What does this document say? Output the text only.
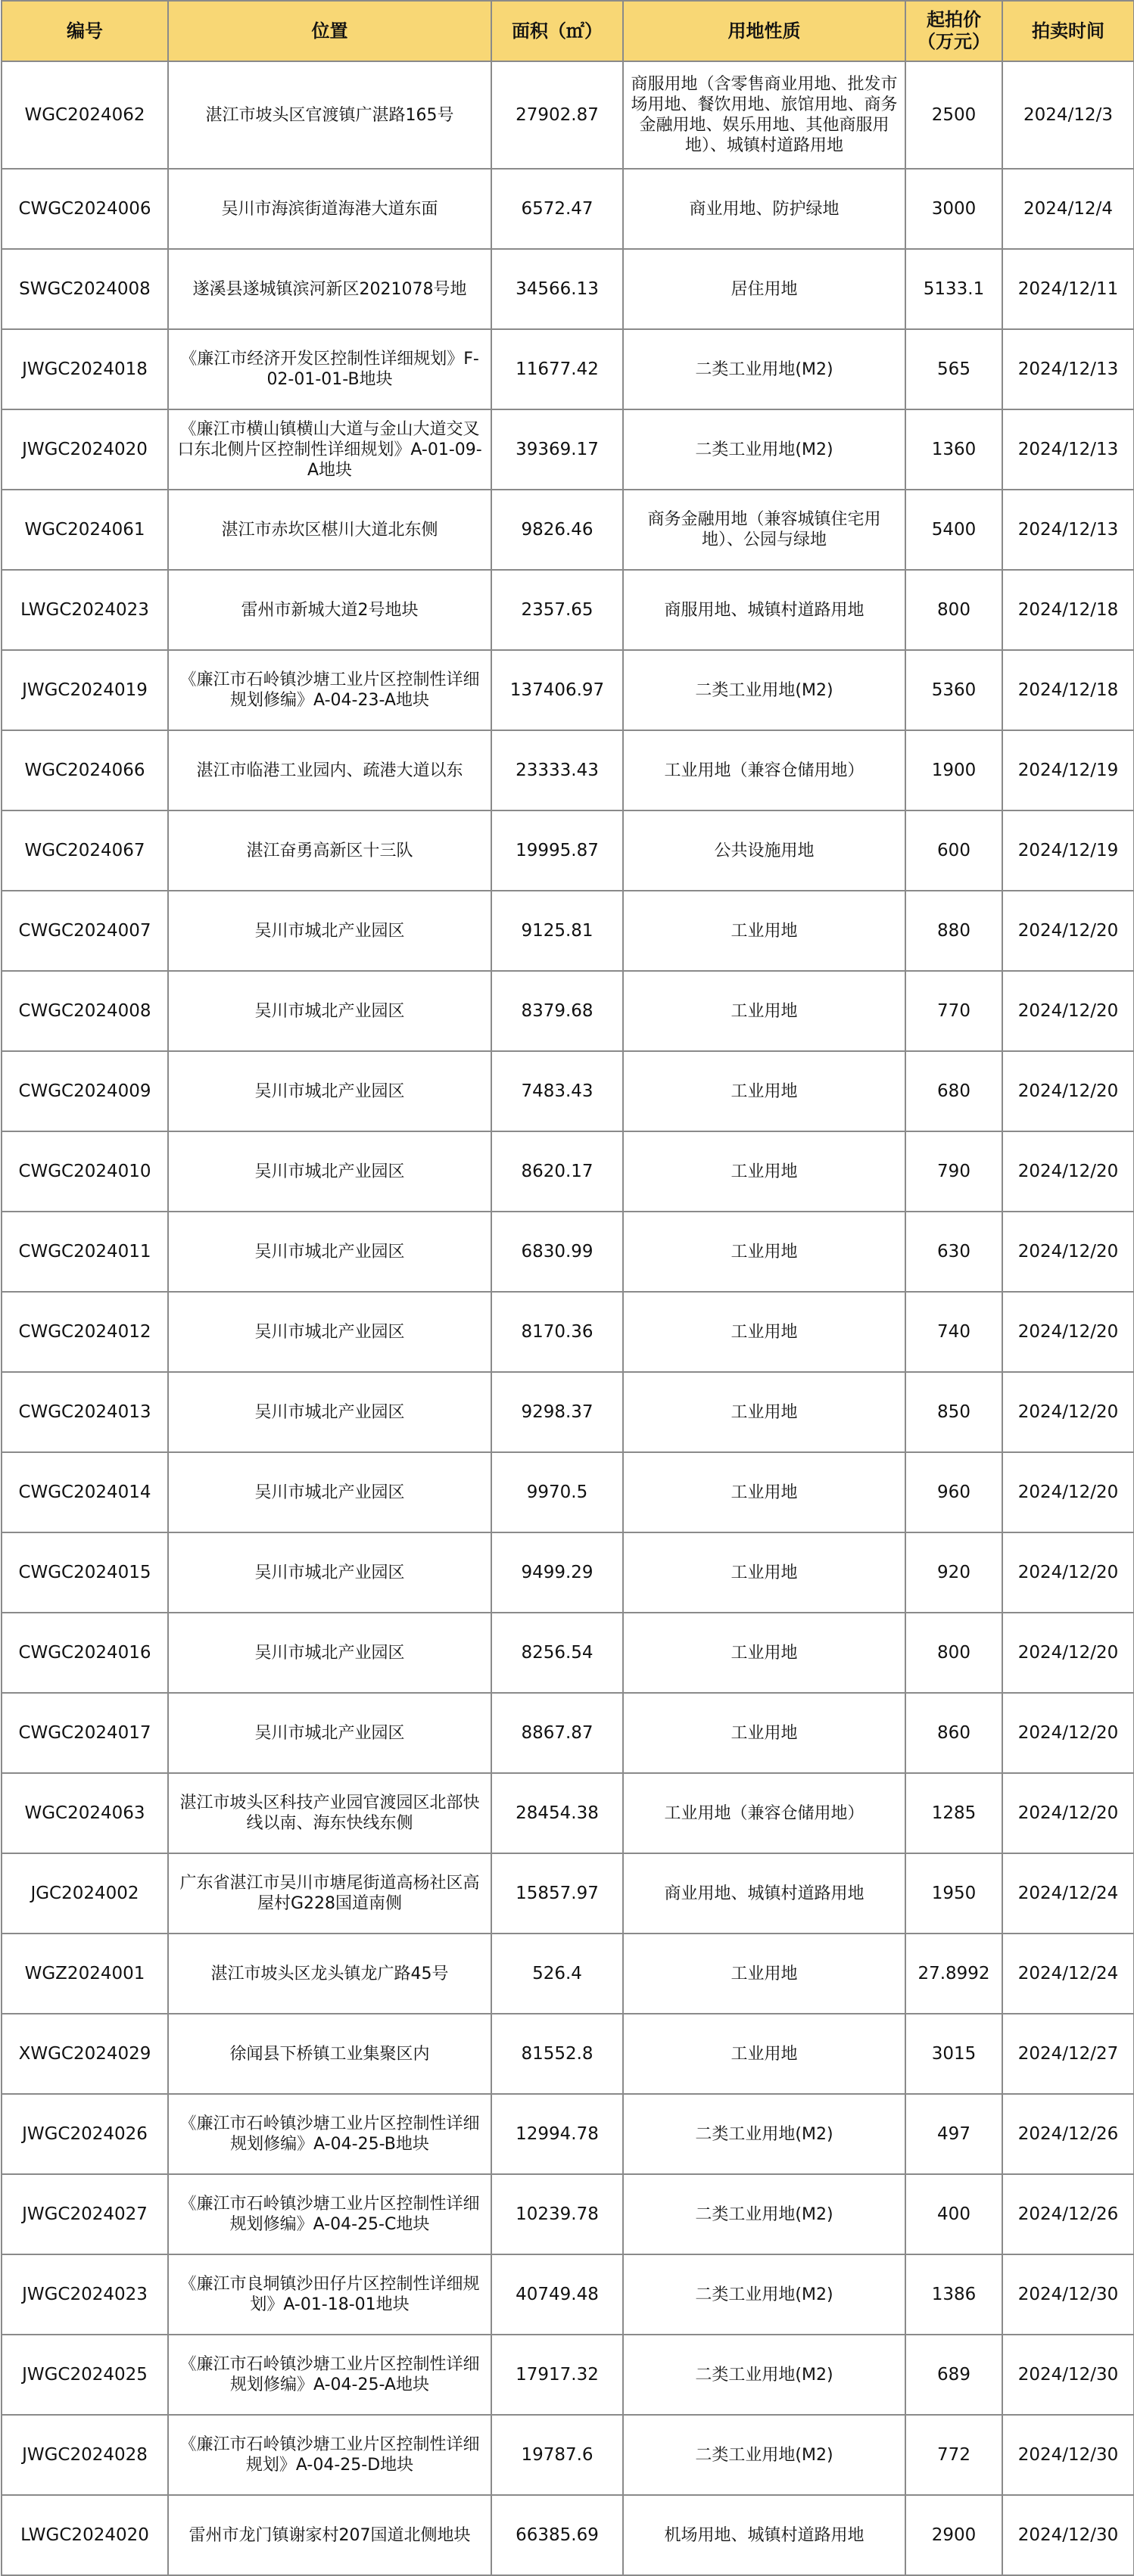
编号	位置	面积（㎡）	用地性质	起拍价（万元）	拍卖时间
WGC2024062	湛江市坡头区官渡镇广湛路165号	27902.87	商服用地（含零售商业用地、批发市场用地、餐饮用地、旅馆用地、商务金融用地、娱乐用地、其他商服用地）、城镇村道路用地	2500	2024/12/3
CWGC2024006	吴川市海滨街道海港大道东面	6572.47	商业用地、防护绿地	3000	2024/12/4
SWGC2024008	遂溪县遂城镇滨河新区2021078号地	34566.13	居住用地	5133.1	2024/12/11
JWGC2024018	《廉江市经济开发区控制性详细规划》F-02-01-01-B地块	11677.42	二类工业用地(M2)	565	2024/12/13
JWGC2024020	《廉江市横山镇横山大道与金山大道交叉口东北侧片区控制性详细规划》A-01-09-A地块	39369.17	二类工业用地(M2)	1360	2024/12/13
WGC2024061	湛江市赤坎区椹川大道北东侧	9826.46	商务金融用地（兼容城镇住宅用地）、公园与绿地	5400	2024/12/13
LWGC2024023	雷州市新城大道2号地块	2357.65	商服用地、城镇村道路用地	800	2024/12/18
JWGC2024019	《廉江市石岭镇沙塘工业片区控制性详细规划修编》A-04-23-A地块	137406.97	二类工业用地(M2)	5360	2024/12/18
WGC2024066	湛江市临港工业园内、疏港大道以东	23333.43	工业用地（兼容仓储用地）	1900	2024/12/19
WGC2024067	湛江奋勇高新区十三队	19995.87	公共设施用地	600	2024/12/19
CWGC2024007	吴川市城北产业园区	9125.81	工业用地	880	2024/12/20
CWGC2024008	吴川市城北产业园区	8379.68	工业用地	770	2024/12/20
CWGC2024009	吴川市城北产业园区	7483.43	工业用地	680	2024/12/20
CWGC2024010	吴川市城北产业园区	8620.17	工业用地	790	2024/12/20
CWGC2024011	吴川市城北产业园区	6830.99	工业用地	630	2024/12/20
CWGC2024012	吴川市城北产业园区	8170.36	工业用地	740	2024/12/20
CWGC2024013	吴川市城北产业园区	9298.37	工业用地	850	2024/12/20
CWGC2024014	吴川市城北产业园区	9970.5	工业用地	960	2024/12/20
CWGC2024015	吴川市城北产业园区	9499.29	工业用地	920	2024/12/20
CWGC2024016	吴川市城北产业园区	8256.54	工业用地	800	2024/12/20
CWGC2024017	吴川市城北产业园区	8867.87	工业用地	860	2024/12/20
WGC2024063	湛江市坡头区科技产业园官渡园区北部快线以南、海东快线东侧	28454.38	工业用地（兼容仓储用地）	1285	2024/12/20
JGC2024002	广东省湛江市吴川市塘尾街道高杨社区高屋村G228国道南侧	15857.97	商业用地、城镇村道路用地	1950	2024/12/24
WGZ2024001	湛江市坡头区龙头镇龙广路45号	526.4	工业用地	27.8992	2024/12/24
XWGC2024029	徐闻县下桥镇工业集聚区内	81552.8	工业用地	3015	2024/12/27
JWGC2024026	《廉江市石岭镇沙塘工业片区控制性详细规划修编》A-04-25-B地块	12994.78	二类工业用地(M2)	497	2024/12/26
JWGC2024027	《廉江市石岭镇沙塘工业片区控制性详细规划修编》A-04-25-C地块	10239.78	二类工业用地(M2)	400	2024/12/26
JWGC2024023	《廉江市良垌镇沙田仔片区控制性详细规划》A-01-18-01地块	40749.48	二类工业用地(M2)	1386	2024/12/30
JWGC2024025	《廉江市石岭镇沙塘工业片区控制性详细规划修编》A-04-25-A地块	17917.32	二类工业用地(M2)	689	2024/12/30
JWGC2024028	《廉江市石岭镇沙塘工业片区控制性详细规划》A-04-25-D地块	19787.6	二类工业用地(M2)	772	2024/12/30
LWGC2024020	雷州市龙门镇谢家村207国道北侧地块	66385.69	机场用地、城镇村道路用地	2900	2024/12/30
